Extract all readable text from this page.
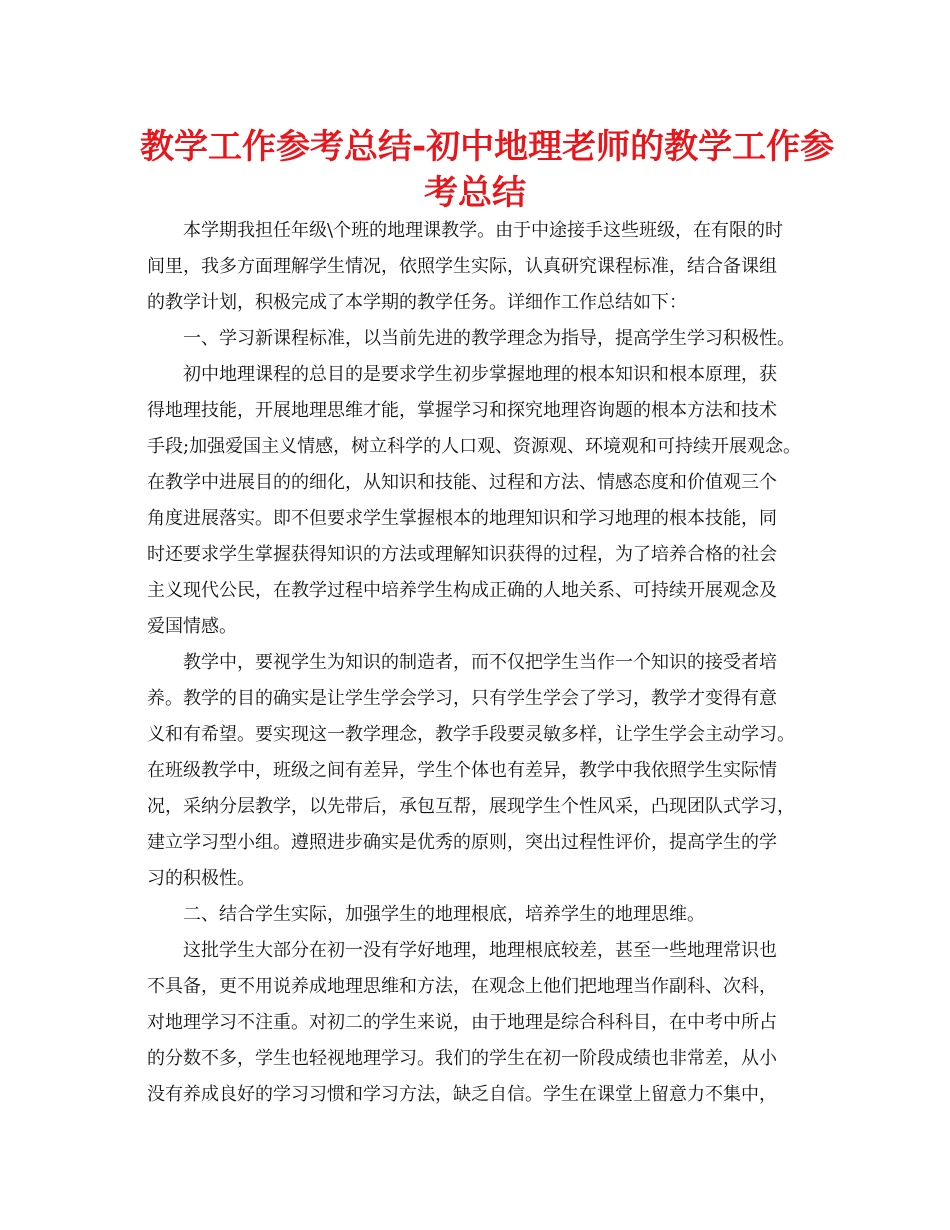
教学工作参考总结-初中地理老师的教学工作参
考总结
本学期我担任年级\个班的地理课教学。由于中途接手这些班级，在有限的时
间里，我多方面理解学生情况，依照学生实际，认真研究课程标准，结合备课组
的教学计划，积极完成了本学期的教学任务。详细作工作总结如下：
一、学习新课程标准，以当前先进的教学理念为指导，提高学生学习积极性。
初中地理课程的总目的是要求学生初步掌握地理的根本知识和根本原理，获
得地理技能，开展地理思维才能，掌握学习和探究地理咨询题的根本方法和技术
手段;加强爱国主义情感，树立科学的人口观、资源观、环境观和可持续开展观念。
在教学中进展目的的细化，从知识和技能、过程和方法、情感态度和价值观三个
角度进展落实。即不但要求学生掌握根本的地理知识和学习地理的根本技能，同
时还要求学生掌握获得知识的方法或理解知识获得的过程，为了培养合格的社会
主义现代公民，在教学过程中培养学生构成正确的人地关系、可持续开展观念及
爱国情感。
教学中，要视学生为知识的制造者，而不仅把学生当作一个知识的接受者培
养。教学的目的确实是让学生学会学习，只有学生学会了学习，教学才变得有意
义和有希望。要实现这一教学理念，教学手段要灵敏多样，让学生学会主动学习。
在班级教学中，班级之间有差异，学生个体也有差异，教学中我依照学生实际情
况，采纳分层教学，以先带后，承包互帮，展现学生个性风采，凸现团队式学习，
建立学习型小组。遵照进步确实是优秀的原则，突出过程性评价，提高学生的学
习的积极性。
二、结合学生实际，加强学生的地理根底，培养学生的地理思维。
这批学生大部分在初一没有学好地理，地理根底较差，甚至一些地理常识也
不具备，更不用说养成地理思维和方法，在观念上他们把地理当作副科、次科，
对地理学习不注重。对初二的学生来说，由于地理是综合科科目，在中考中所占
的分数不多，学生也轻视地理学习。我们的学生在初一阶段成绩也非常差，从小
没有养成良好的学习习惯和学习方法，缺乏自信。学生在课堂上留意力不集中，
